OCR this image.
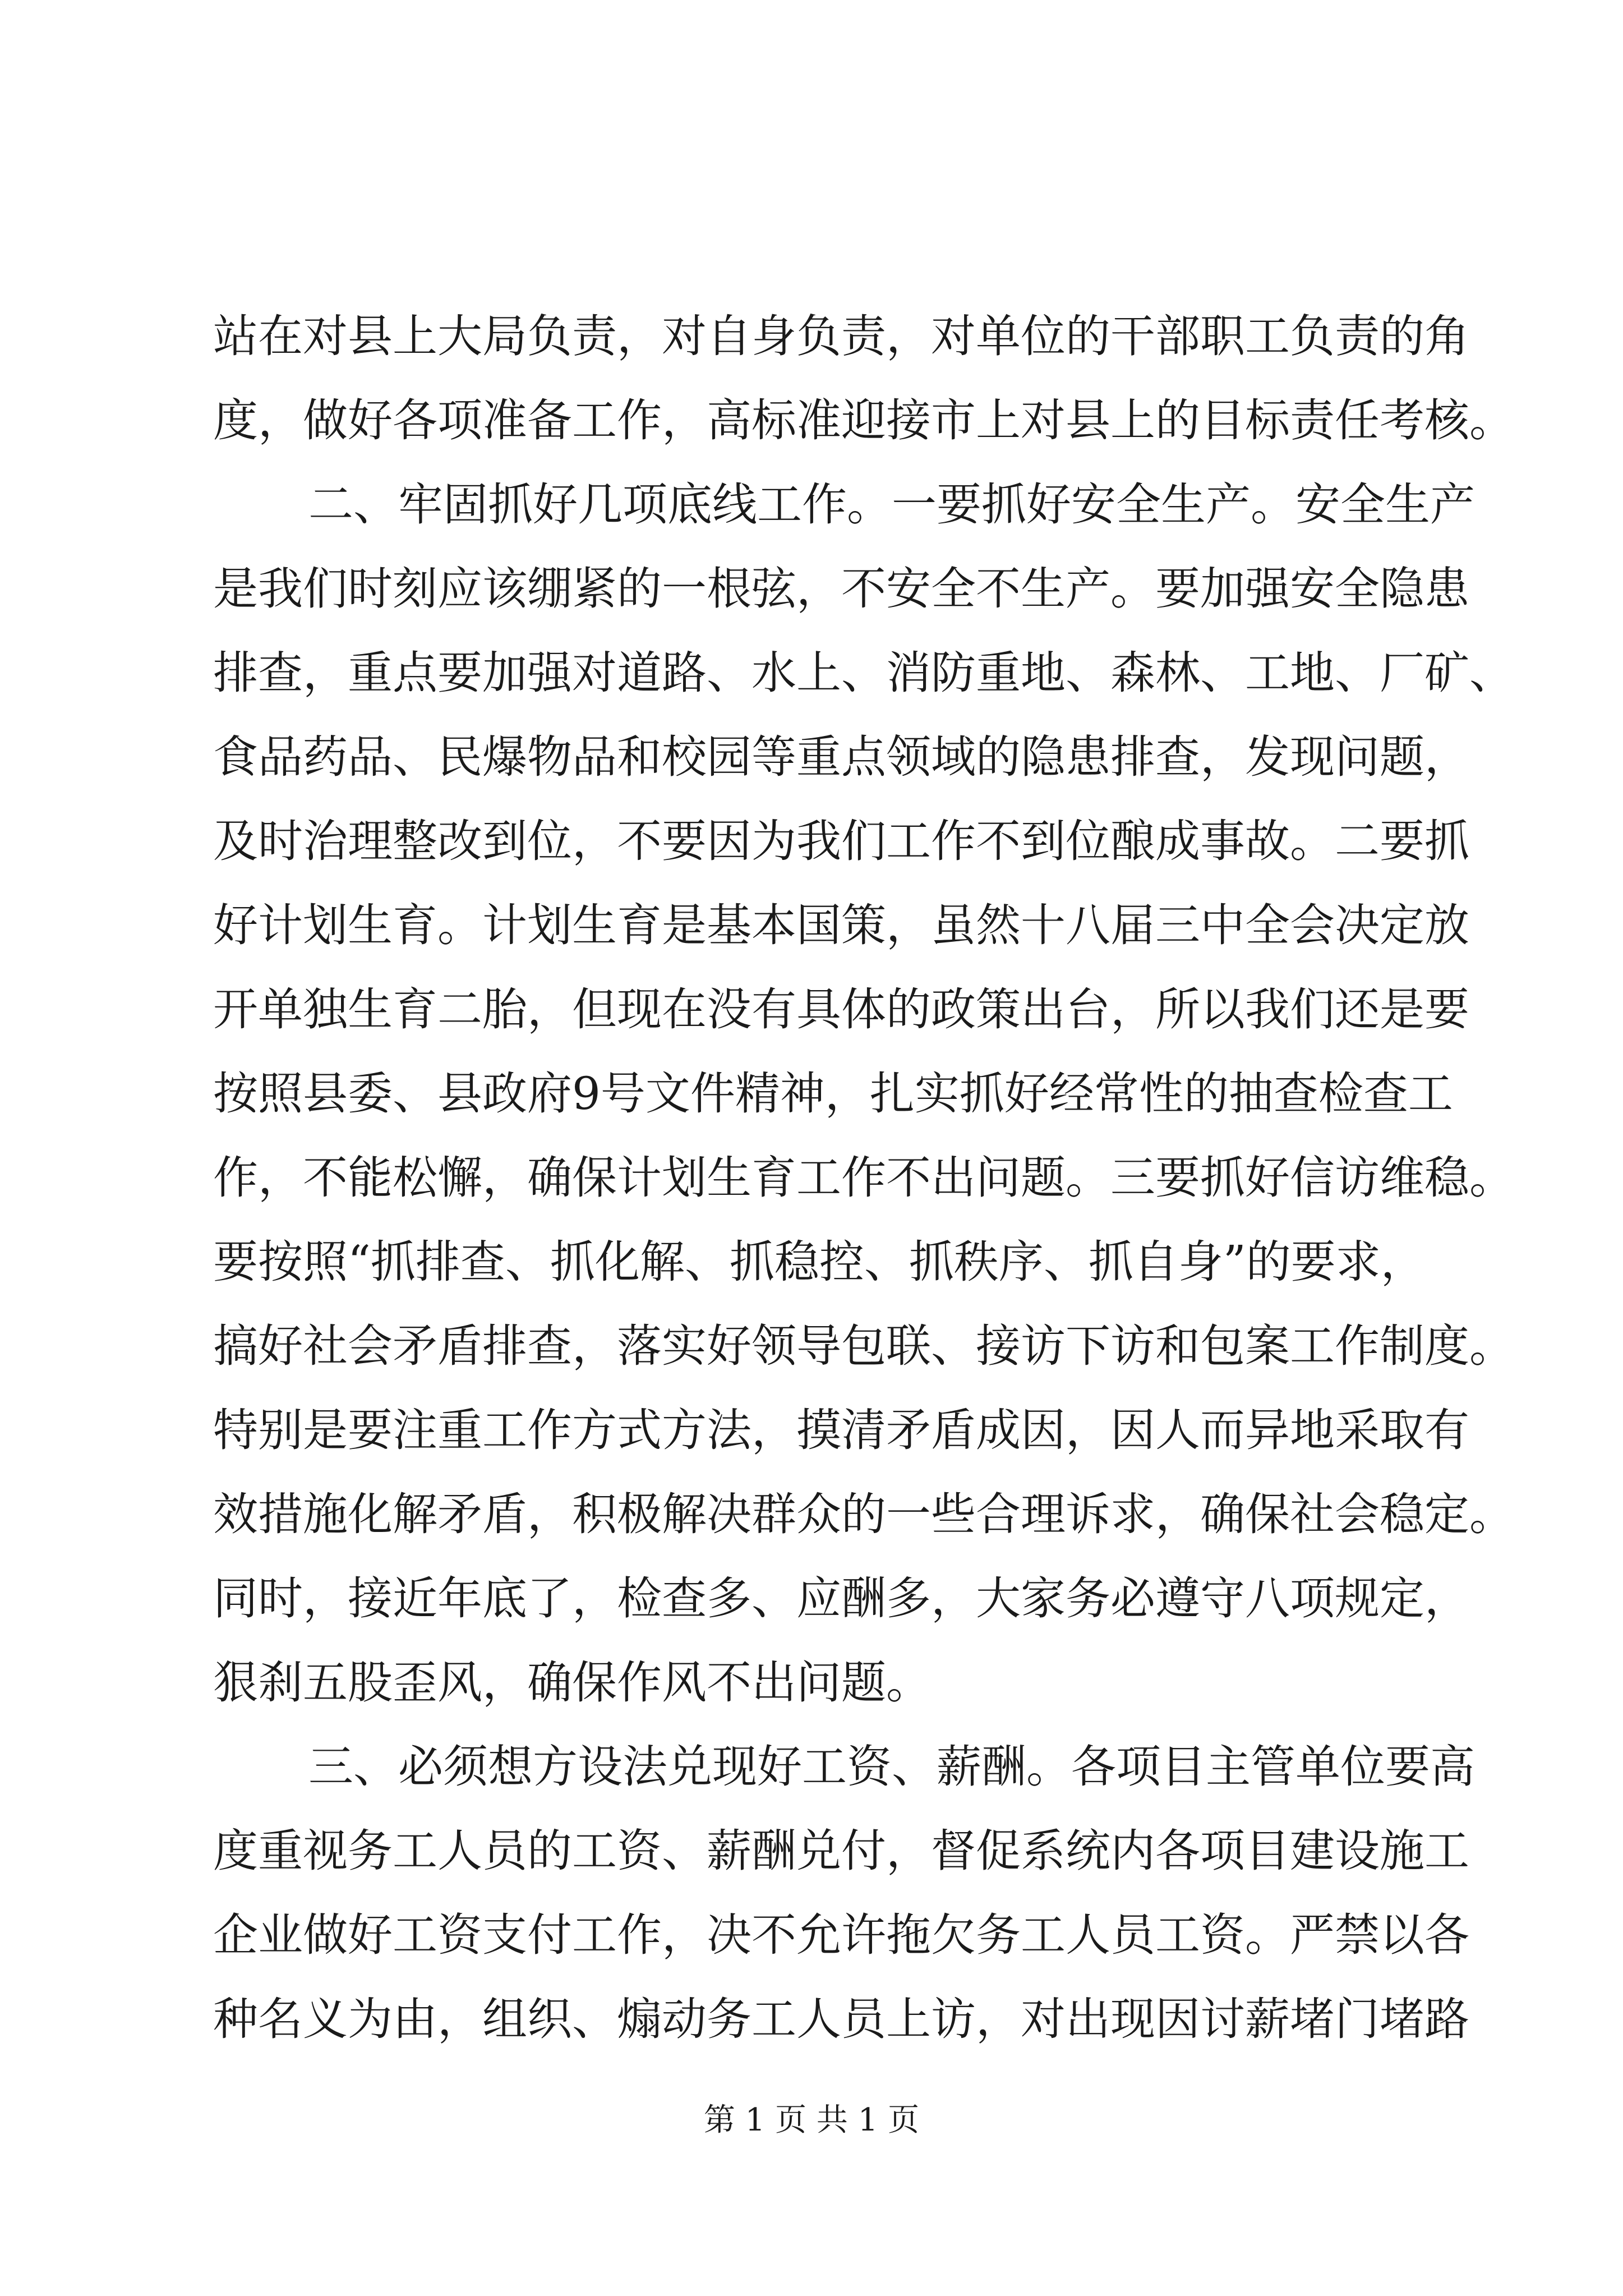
站在对县上大局负责，对自身负责，对单位的干部职工负责的角
度，做好各项准备工作，高标准迎接市上对县上的目标责任考核。
二、牢固抓好几项底线工作。一要抓好安全生产。安全生产
是我们时刻应该绷紧的一根弦，不安全不生产。要加强安全隐患
排查，重点要加强对道路、水上、消防重地、森林、工地、厂矿、
食品药品、民爆物品和校园等重点领域的隐患排查，发现问题，
及时治理整改到位，不要因为我们工作不到位酿成事故。二要抓
好计划生育。计划生育是基本国策，虽然十八届三中全会决定放
开单独生育二胎，但现在没有具体的政策出台，所以我们还是要
按照县委、县政府9号文件精神，扎实抓好经常性的抽查检查工
作，不能松懈，确保计划生育工作不出问题。三要抓好信访维稳。
要按照“抓排查、抓化解、抓稳控、抓秩序、抓自身”的要求，
搞好社会矛盾排查，落实好领导包联、接访下访和包案工作制度。
特别是要注重工作方式方法，摸清矛盾成因，因人而异地采取有
效措施化解矛盾，积极解决群众的一些合理诉求，确保社会稳定。
同时，接近年底了，检查多、应酬多，大家务必遵守八项规定，
狠刹五股歪风，确保作风不出问题。
三、必须想方设法兑现好工资、薪酬。各项目主管单位要高
度重视务工人员的工资、薪酬兑付，督促系统内各项目建设施工
企业做好工资支付工作，决不允许拖欠务工人员工资。严禁以各
种名义为由，组织、煽动务工人员上访，对出现因讨薪堵门堵路
第 1 页 共 1 页
